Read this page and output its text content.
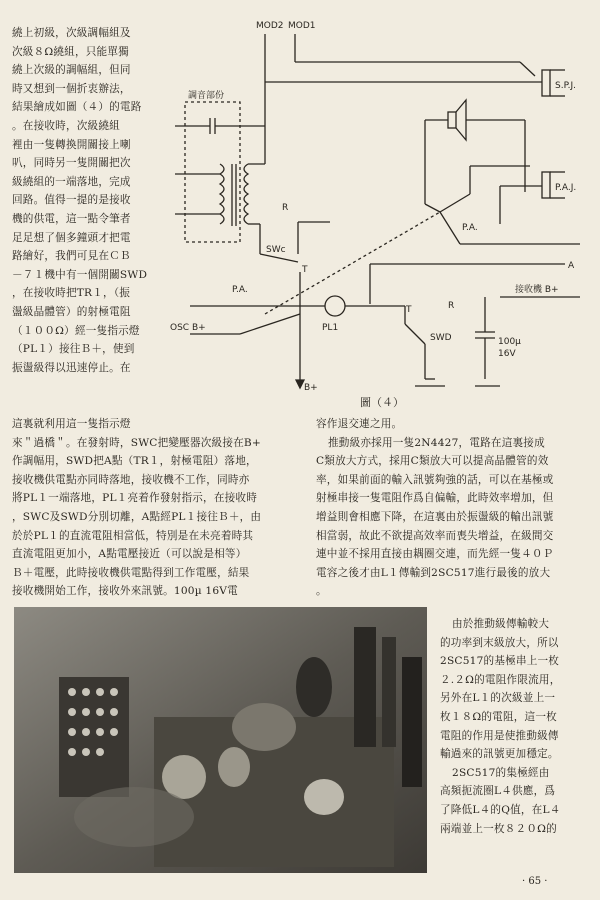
繞上初級，次級調幅組及

次級８Ω繞組，只能單獨

繞上次級的調幅組，但同

時又想到一個折衷辦法，

結果繪成如圖（４）的電路

。在接收時，次級繞組

裡由一隻轉換開關接上喇

叭，同時另一隻開關把次

級繞組的一端落地，完成

回路。值得一提的是接收

機的供電，這一點令筆者

足足想了個多鐘頭才把電

路繪好，我們可見在ＣＢ

－７１機中有一個開關SWD

，在接收時把TR１，（振

盪級晶體管）的射極電阻

（１００Ω）經一隻指示燈

（PL１）接往Ｂ＋，使到

振盪級得以迅速停止。在

這裏就利用這一隻指示燈

來＂過橋＂。在發射時，SWC把變壓器次級接在B+

作調幅用，SWD把A點（TR１，射極電阻）落地，

接收機供電點亦同時落地，接收機不工作，同時亦

將PL１一端落地，PL１亮着作發射指示，在接收時

，SWC及SWD分別切離，A點經PL１接往Ｂ＋，由

於於PL１的直流電阻相當低，特別是在未亮着時其

直流電阻更加小，A點電壓接近（可以說是相等）

Ｂ＋電壓，此時接收機供電點得到工作電壓，結果

接收機開始工作，接收外來訊號。100µ 16V電

容作退交連之用。

推動級亦採用一隻2N4427，電路在這裏接成

C類放大方式，採用C類放大可以提高晶體管的效

率，如果前面的輸入訊號夠強的話，可以在基極或

射極串接一隻電阻作爲自偏輸，此時效率增加，但

增益則會相應下降，在這裏由於振盪級的輸出訊號

相當弱，故此不欲提高效率而喪失增益，在級間交

連中並不採用直接由耦圈交連，而先經一隻４０Ｐ

電容之後才由L１傳輸到2SC517進行最後的放大

。

由於推動級傳輸較大

的功率到末級放大，所以

2SC517的基極串上一枚

２.２Ω的電阻作限流用，

另外在L１的次級並上一

枚１８Ω的電阻，這一枚

電阻的作用是使推動級傳

輸過來的訊號更加穩定。

2SC517的集極經由

高頻扼流圈L４供應，爲

了降低L４的Q值，在L４

兩端並上一枚８２０Ω的

MOD2 MOD1
調音部份
S.P.J.
P.A.J.
SWc
R
R
T
T
P.A.
P.A.
A
接收機 B+
OSC B+	PL1
SWD	100µ
16V
B+
圖（４）
· 65 ·
